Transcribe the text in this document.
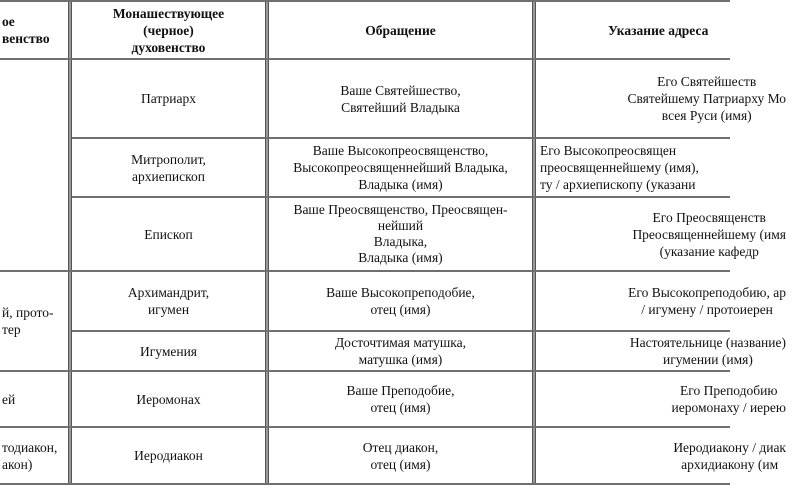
ое
венство
Монашествующее
(черное)
духовенство
Обращение	Указание адреса
Патриарх
Ваше Святейшество,
Святейший Владыка
Его Святейшеств
Святейшему Патриарху Мо
всея Руси (имя)
Митрополит,
архиепископ
Ваше Высокопреосвященство,
Высокопреосвященнейший Владыка,
Владыка (имя)
Его Высокопреосвящен
преосвященнейшему (имя),
ту / архиепископу (указани
Епископ
Ваше Преосвященство, Преосвящен-
нейший
Владыка,
Владыка (имя)
Его Преосвященств
Преосвященнейшему (имя
(указание кафедр
й, прото-
тер
Архимандрит,
игумен
Ваше Высокопреподобие,
отец (имя)
Его Высокопреподобию, ар
/ игумену / протоиерен
Игумения
Досточтимая матушка,
матушка (имя)
Настоятельнице (название)
игумении (имя)
ей	Иеромонах
Ваше Преподобие,
отец (имя)
Его Преподобию
иеромонаху / иерею
тодиакон,
акон)
Иеродиакон
Отец диакон,
отец (имя)
Иеродиакону / диак
архидиакону (им
